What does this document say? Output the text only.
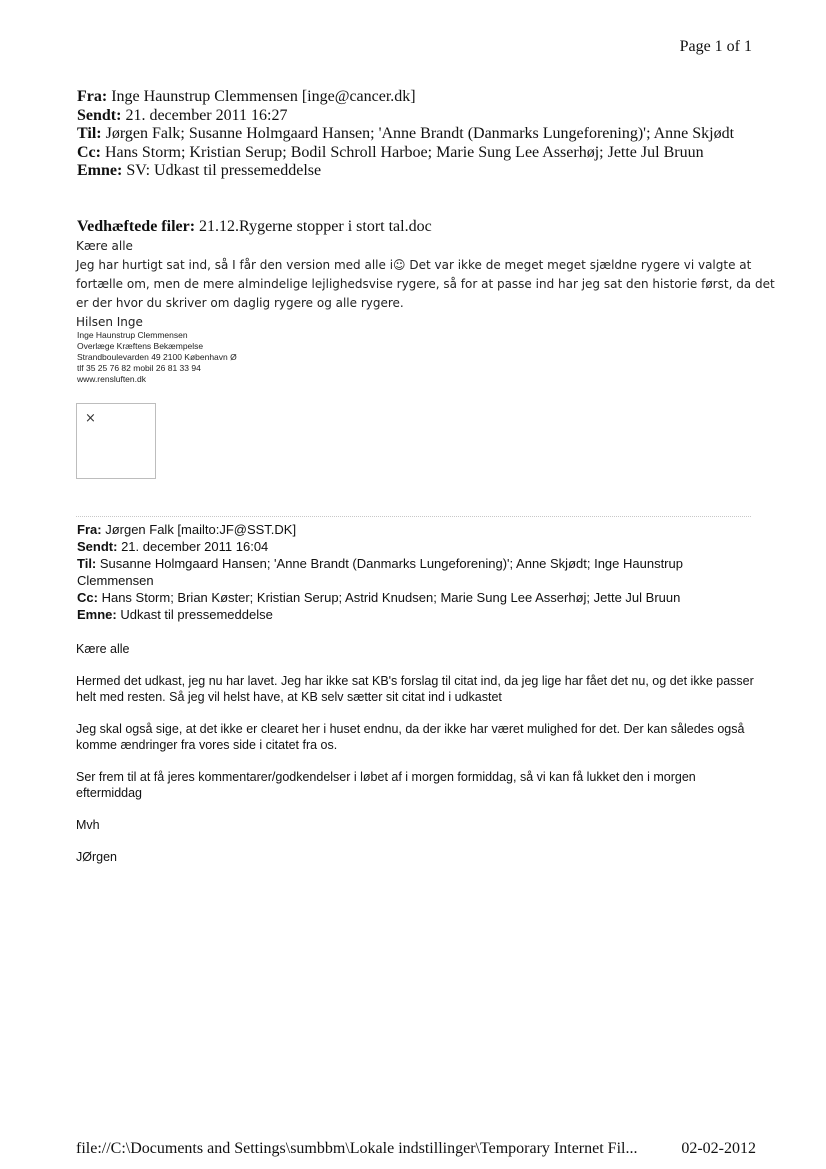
Page 1 of 1
Fra: Inge Haunstrup Clemmensen [inge@cancer.dk]
Sendt: 21. december 2011 16:27
Til: Jørgen Falk; Susanne Holmgaard Hansen; 'Anne Brandt (Danmarks Lungeforening)'; Anne Skjødt
Cc: Hans Storm; Kristian Serup; Bodil Schroll Harboe; Marie Sung Lee Asserhøj; Jette Jul Bruun
Emne: SV: Udkast til pressemeddelse
Vedhæftede filer: 21.12.Rygerne stopper i stort tal.doc

Kære alle

Jeg har hurtigt sat ind, så I får den version med alle i☺ Det var ikke de meget meget sjældne rygere vi valgte at fortælle om, men de mere almindelige lejlighedsvise rygere, så for at passe ind har jeg sat den historie først, da det er der hvor du skriver om daglig rygere og alle rygere.

Hilsen Inge

Inge Haunstrup Clemmensen

Overlæge Kræftens Bekæmpelse

Strandboulevarden 49 2100 København Ø

tlf 35 25 76 82 mobil 26 81 33 94

www.rensluften.dk

×
Fra: Jørgen Falk [mailto:JF@SST.DK]
Sendt: 21. december 2011 16:04
Til: Susanne Holmgaard Hansen; 'Anne Brandt (Danmarks Lungeforening)'; Anne Skjødt; Inge Haunstrup Clemmensen
Cc: Hans Storm; Brian Køster; Kristian Serup; Astrid Knudsen; Marie Sung Lee Asserhøj; Jette Jul Bruun
Emne: Udkast til pressemeddelse

Kære alle

Hermed det udkast, jeg nu har lavet. Jeg har ikke sat KB's forslag til citat ind, da jeg lige har fået det nu, og det ikke passer helt med resten. Så jeg vil helst have, at KB selv sætter sit citat ind i udkastet

Jeg skal også sige, at det ikke er clearet her i huset endnu, da der ikke har været mulighed for det. Der kan således også komme ændringer fra vores side i citatet fra os.

Ser frem til at få jeres kommentarer/godkendelser i løbet af i morgen formiddag, så vi kan få lukket den i morgen eftermiddag

Mvh

JØrgen

file://C:\Documents and Settings\sumbbm\Lokale indstillinger\Temporary Internet Fil...	02-02-2012
